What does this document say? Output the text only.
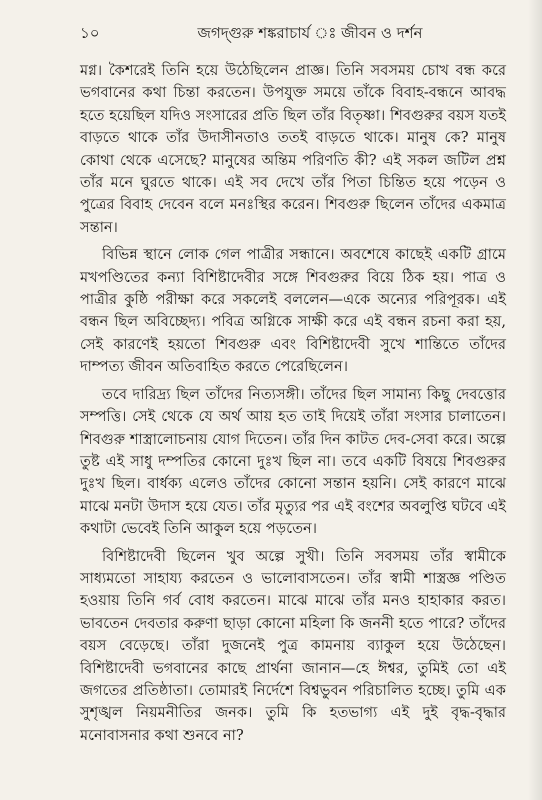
১০	জগদ্‌গুরু শঙ্করাচার্য ঃ জীবন ও দর্শন

মগ্ন। কৈশরেই তিনি হয়ে উঠেছিলেন প্রাজ্ঞ। তিনি সবসময় চোখ বন্ধ করে ভগবানের কথা চিন্তা করতেন। উপযুক্ত সময়ে তাঁকে বিবাহ-বন্ধনে আবদ্ধ হতে হয়েছিল যদিও সংসারের প্রতি ছিল তাঁর বিতৃষ্ণা। শিবগুরুর বয়স যতই বাড়তে থাকে তাঁর উদাসীনতাও ততই বাড়তে থাকে। মানুষ কে? মানুষ কোথা থেকে এসেছে? মানুষের অন্তিম পরিণতি কী? এই সকল জটিল প্রশ্ন তাঁর মনে ঘুরতে থাকে। এই সব দেখে তাঁর পিতা চিন্তিত হয়ে পড়েন ও পুত্রের বিবাহ দেবেন বলে মনঃস্থির করেন। শিবগুরু ছিলেন তাঁদের একমাত্র সন্তান।

বিভিন্ন স্থানে লোক গেল পাত্রীর সন্ধানে। অবশেষে কাছেই একটি গ্রামে মখপণ্ডিতের কন্যা বিশিষ্টাদেবীর সঙ্গে শিবগুরুর বিয়ে ঠিক হয়। পাত্র ও পাত্রীর কুষ্ঠি পরীক্ষা করে সকলেই বললেন—একে অন্যের পরিপূরক। এই বন্ধন ছিল অবিচ্ছেদ্য। পবিত্র অগ্নিকে সাক্ষী করে এই বন্ধন রচনা করা হয়, সেই কারণেই হয়তো শিবগুরু এবং বিশিষ্টাদেবী সুখে শান্তিতে তাঁদের দাম্পত্য জীবন অতিবাহিত করতে পেরেছিলেন।

তবে দারিদ্র্য ছিল তাঁদের নিত্যসঙ্গী। তাঁদের ছিল সামান্য কিছু দেবত্তোর সম্পত্তি। সেই থেকে যে অর্থ আয় হত তাই দিয়েই তাঁরা সংসার চালাতেন। শিবগুরু শাস্ত্রালোচনায় যোগ দিতেন। তাঁর দিন কাটত দেব-সেবা করে। অল্পে তুষ্ট এই সাধু দম্পতির কোনো দুঃখ ছিল না। তবে একটি বিষয়ে শিবগুরুর দুঃখ ছিল। বার্ধক্য এলেও তাঁদের কোনো সন্তান হয়নি। সেই কারণে মাঝে মাঝে মনটা উদাস হয়ে যেত। তাঁর মৃত্যুর পর এই বংশের অবলুপ্তি ঘটবে এই কথাটা ভেবেই তিনি আকুল হয়ে পড়তেন।

বিশিষ্টাদেবী ছিলেন খুব অল্পে সুখী। তিনি সবসময় তাঁর স্বামীকে সাধ্যমতো সাহায্য করতেন ও ভালোবাসতেন। তাঁর স্বামী শাস্ত্রজ্ঞ পণ্ডিত হওয়ায় তিনি গর্ব বোধ করতেন। মাঝে মাঝে তাঁর মনও হাহাকার করত। ভাবতেন দেবতার করুণা ছাড়া কোনো মহিলা কি জননী হতে পারে? তাঁদের বয়স বেড়েছে। তাঁরা দুজনেই পুত্র কামনায় ব্যাকুল হয়ে উঠেছেন। বিশিষ্টাদেবী ভগবানের কাছে প্রার্থনা জানান—হে ঈশ্বর, তুমিই তো এই জগতের প্রতিষ্ঠাতা। তোমারই নির্দেশে বিশ্বভুবন পরিচালিত হচ্ছে। তুমি এক সুশৃঙ্খল নিয়মনীতির জনক। তুমি কি হতভাগ্য এই দুই বৃদ্ধ-বৃদ্ধার মনোবাসনার কথা শুনবে না?
